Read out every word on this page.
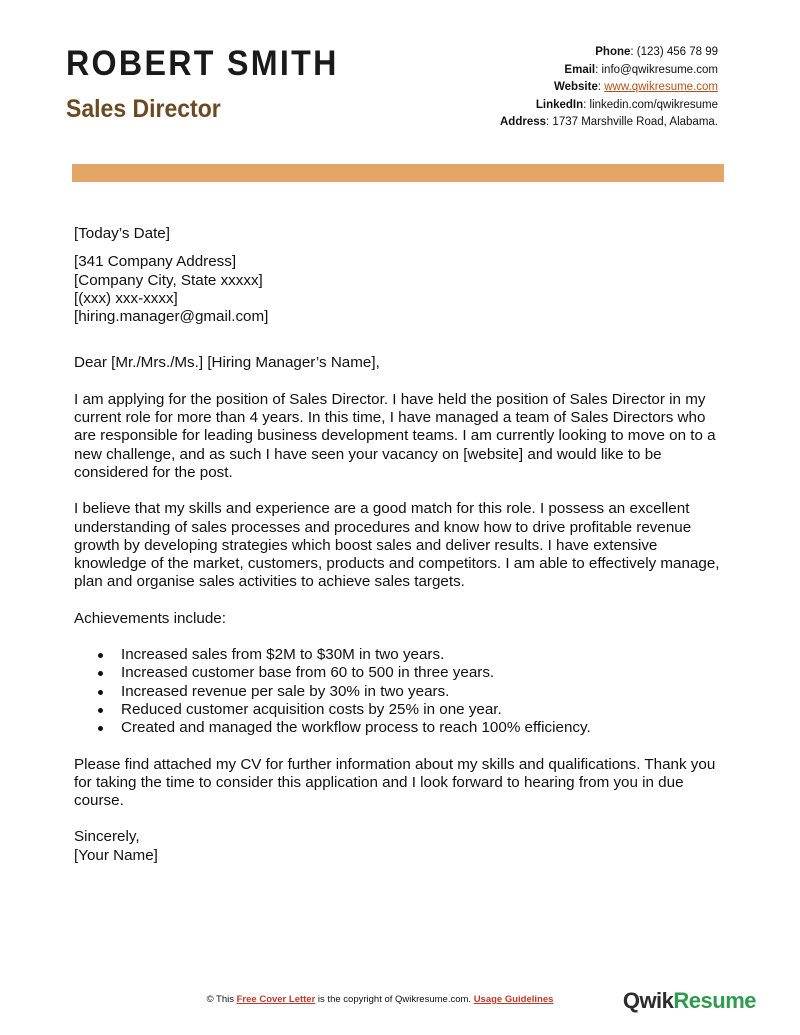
ROBERT SMITH
Sales Director
Phone: (123) 456 78 99
Email: info@qwikresume.com
Website: www.qwikresume.com
LinkedIn: linkedin.com/qwikresume
Address: 1737 Marshville Road, Alabama.

[Today’s Date]

[341 Company Address]

[Company City, State xxxxx]

[(xxx) xxx-xxxx]

[hiring.manager@gmail.com]

Dear [Mr./Mrs./Ms.] [Hiring Manager’s Name],

I am applying for the position of Sales Director. I have held the position of Sales Director in my current role for more than 4 years. In this time, I have managed a team of Sales Directors who are responsible for leading business development teams. I am currently looking to move on to a new challenge, and as such I have seen your vacancy on [website] and would like to be considered for the post.

I believe that my skills and experience are a good match for this role. I possess an excellent understanding of sales processes and procedures and know how to drive profitable revenue growth by developing strategies which boost sales and deliver results. I have extensive knowledge of the market, customers, products and competitors. I am able to effectively manage, plan and organise sales activities to achieve sales targets.

Achievements include:

Increased sales from $2M to $30M in two years.
Increased customer base from 60 to 500 in three years.
Increased revenue per sale by 30% in two years.
Reduced customer acquisition costs by 25% in one year.
Created and managed the workflow process to reach 100% efficiency.

Please find attached my CV for further information about my skills and qualifications. Thank you for taking the time to consider this application and I look forward to hearing from you in due course.

Sincerely,

[Your Name]

© This Free Cover Letter is the copyright of Qwikresume.com. Usage Guidelines	QwikResume
